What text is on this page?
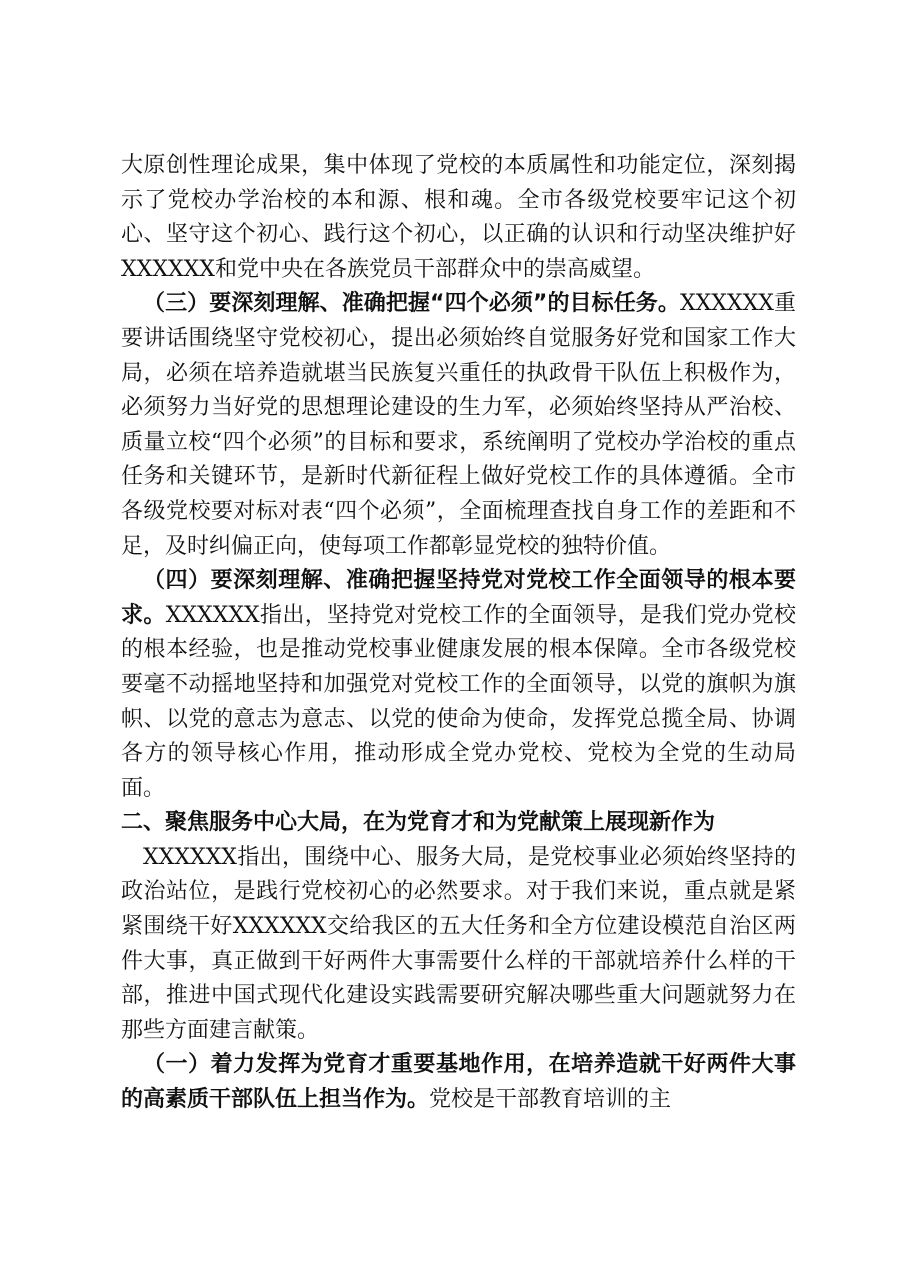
大原创性理论成果，集中体现了党校的本质属性和功能定位，深刻揭示了党校办学治校的本和源、根和魂。全市各级党校要牢记这个初心、坚守这个初心、践行这个初心，以正确的认识和行动坚决维护好XXXXXX和党中央在各族党员干部群众中的崇高威望。

（三）要深刻理解、准确把握“四个必须”的目标任务。XXXXXX重要讲话围绕坚守党校初心，提出必须始终自觉服务好党和国家工作大局，必须在培养造就堪当民族复兴重任的执政骨干队伍上积极作为，必须努力当好党的思想理论建设的生力军，必须始终坚持从严治校、质量立校“四个必须”的目标和要求，系统阐明了党校办学治校的重点任务和关键环节，是新时代新征程上做好党校工作的具体遵循。全市各级党校要对标对表“四个必须”，全面梳理查找自身工作的差距和不足，及时纠偏正向，使每项工作都彰显党校的独特价值。

（四）要深刻理解、准确把握坚持党对党校工作全面领导的根本要求。XXXXXX指出，坚持党对党校工作的全面领导，是我们党办党校的根本经验，也是推动党校事业健康发展的根本保障。全市各级党校要毫不动摇地坚持和加强党对党校工作的全面领导，以党的旗帜为旗帜、以党的意志为意志、以党的使命为使命，发挥党总揽全局、协调各方的领导核心作用，推动形成全党办党校、党校为全党的生动局面。

二、聚焦服务中心大局，在为党育才和为党献策上展现新作为

XXXXXX指出，围绕中心、服务大局，是党校事业必须始终坚持的政治站位，是践行党校初心的必然要求。对于我们来说，重点就是紧紧围绕干好XXXXXX交给我区的五大任务和全方位建设模范自治区两件大事，真正做到干好两件大事需要什么样的干部就培养什么样的干部，推进中国式现代化建设实践需要研究解决哪些重大问题就努力在那些方面建言献策。

（一）着力发挥为党育才重要基地作用，在培养造就干好两件大事的高素质干部队伍上担当作为。党校是干部教育培训的主
